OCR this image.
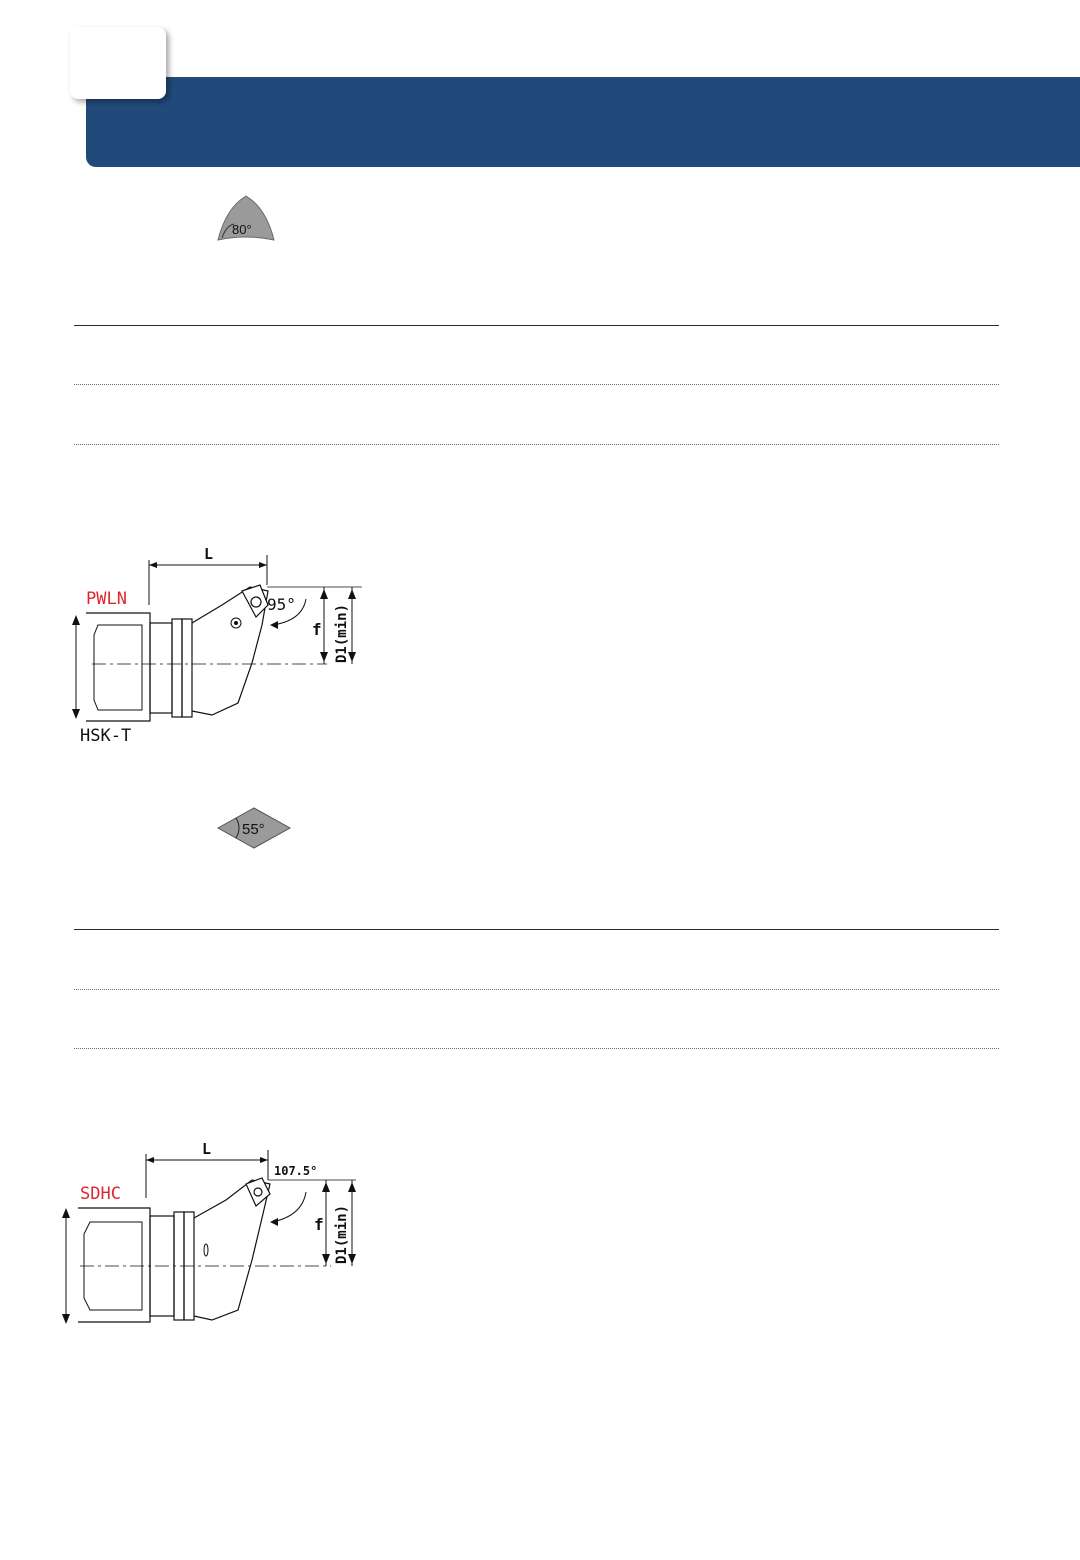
80°
L
PWLN	95°
f D1(min)
HSK-T
55°
L
SDHC
107.5°
f D1(min)
